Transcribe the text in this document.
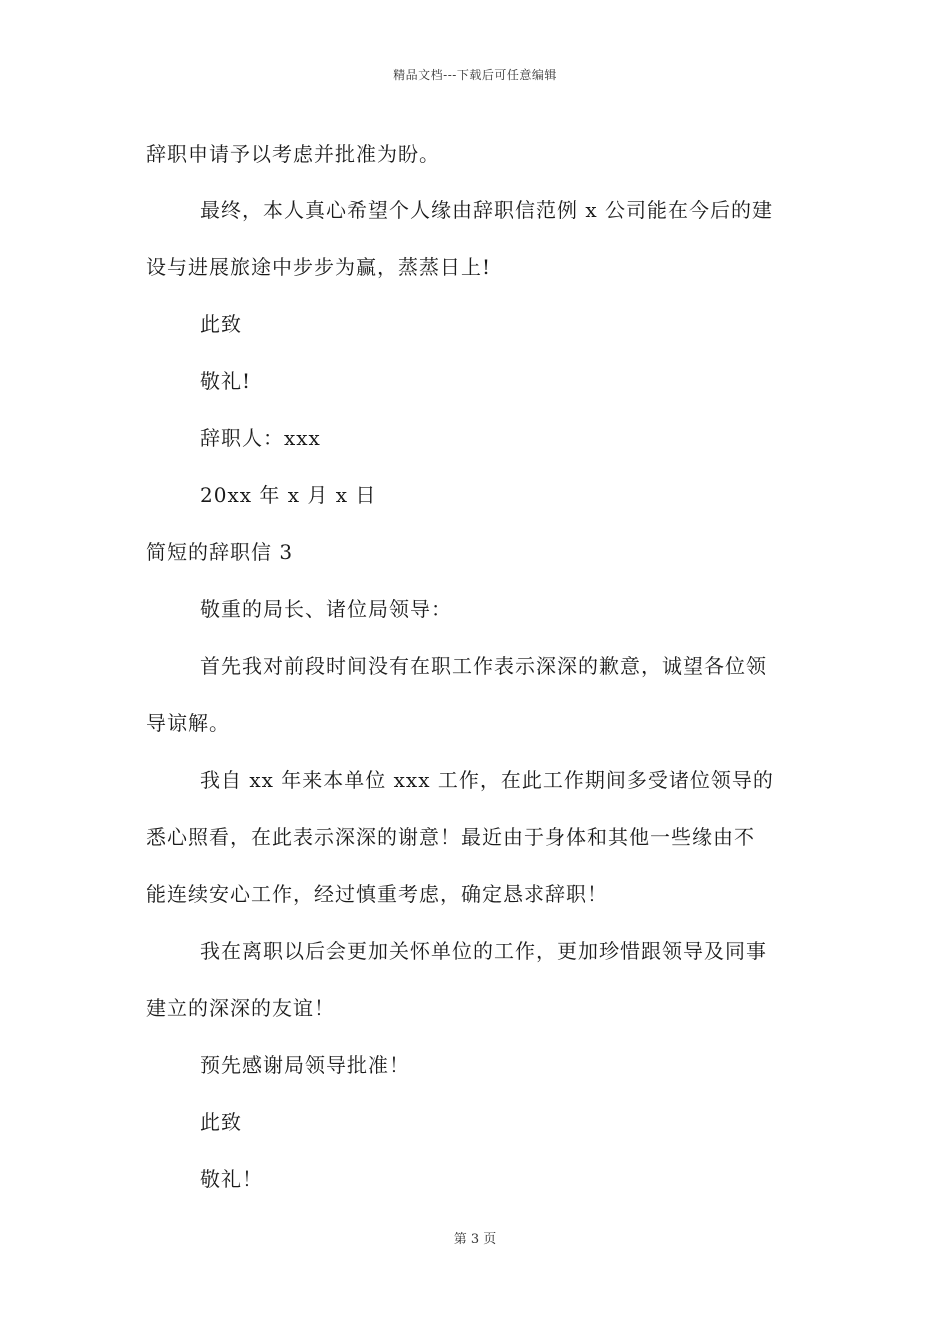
精品文档---下载后可任意编辑
辞职申请予以考虑并批准为盼。
最终，本人真心希望个人缘由辞职信范例 x 公司能在今后的建
设与进展旅途中步步为赢，蒸蒸日上!
此致
敬礼!
辞职人：xxx
20xx 年 x 月 x 日
简短的辞职信 3
敬重的局长、诸位局领导：
首先我对前段时间没有在职工作表示深深的歉意，诚望各位领
导谅解。
我自 xx 年来本单位 xxx 工作，在此工作期间多受诸位领导的
悉心照看，在此表示深深的谢意！最近由于身体和其他一些缘由不
能连续安心工作，经过慎重考虑，确定恳求辞职！
我在离职以后会更加关怀单位的工作，更加珍惜跟领导及同事
建立的深深的友谊！
预先感谢局领导批准！
此致
敬礼！
第 3 页
